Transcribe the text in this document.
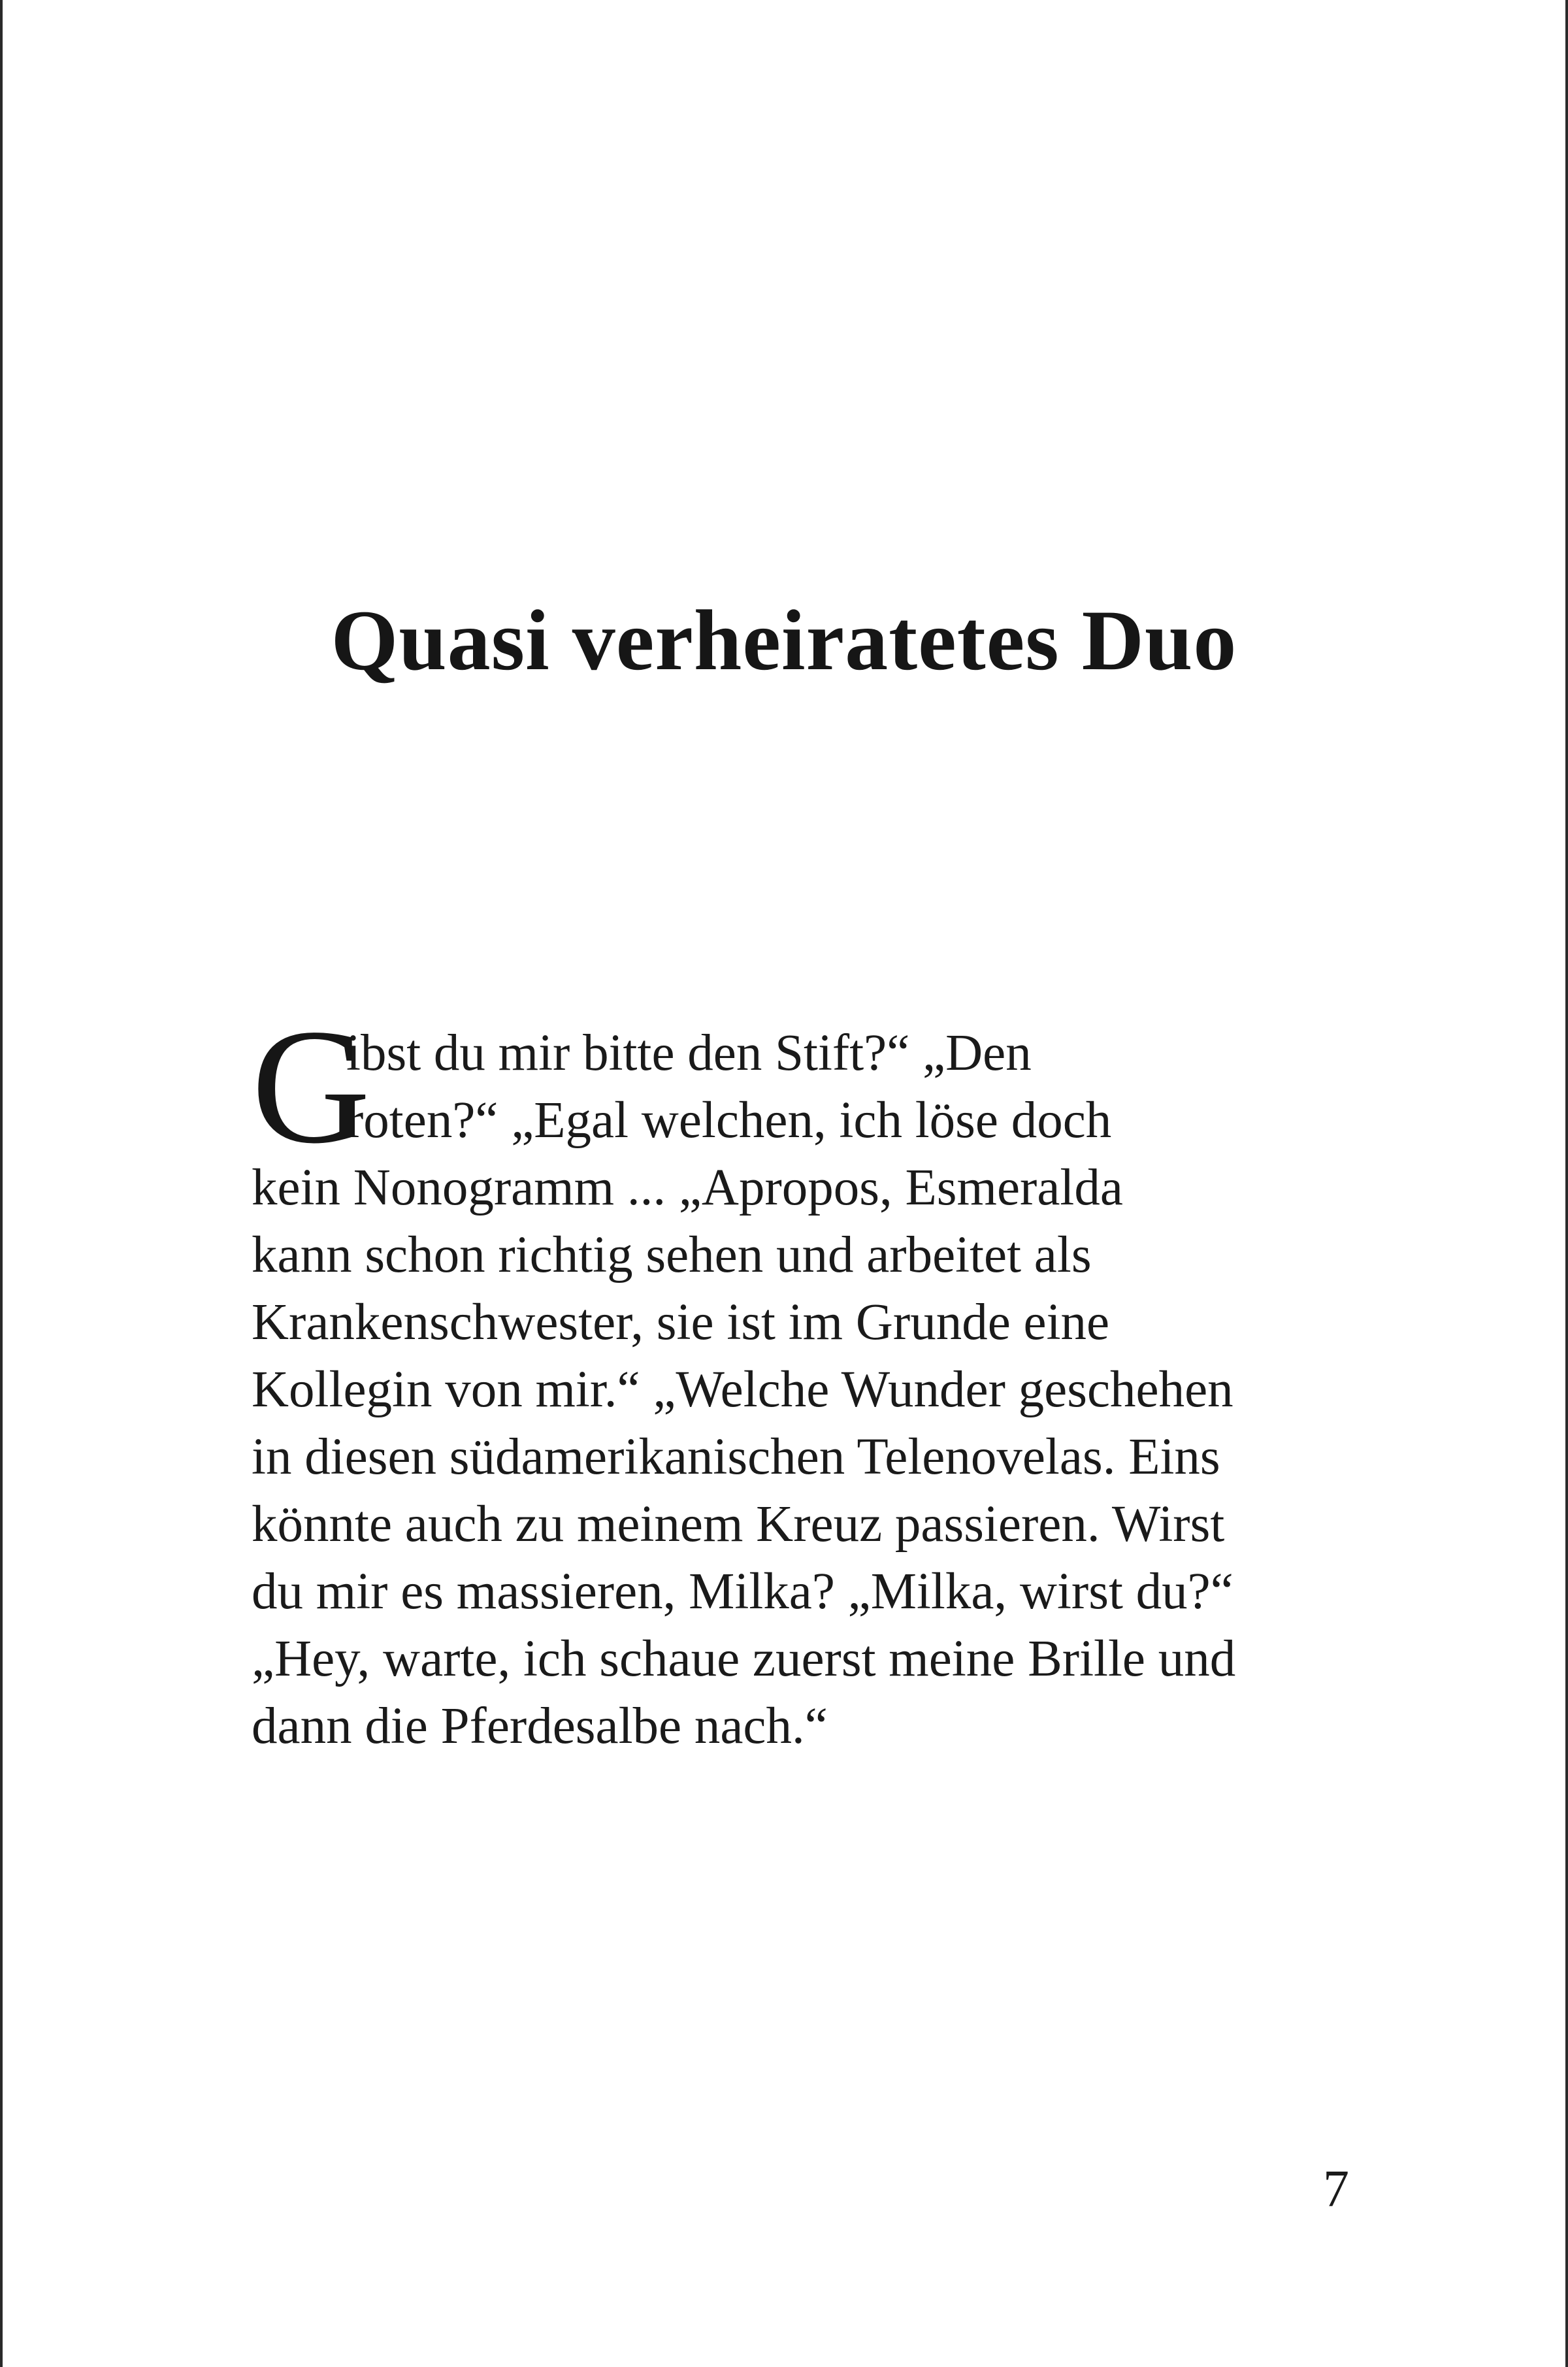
Quasi verheiratetes Duo
G
ibst du mir bitte den Stift?“ „Den
roten?“ „Egal welchen, ich löse doch
kein Nonogramm ... „Apropos, Esmeralda
kann schon richtig sehen und arbeitet als
Krankenschwester, sie ist im Grunde eine
Kollegin von mir.“ „Welche Wunder geschehen
in diesen südamerikanischen Telenovelas. Eins
könnte auch zu meinem Kreuz passieren. Wirst
du mir es massieren, Milka? „Milka, wirst du?“
„Hey, warte, ich schaue zuerst meine Brille und
dann die Pferdesalbe nach.“
7
